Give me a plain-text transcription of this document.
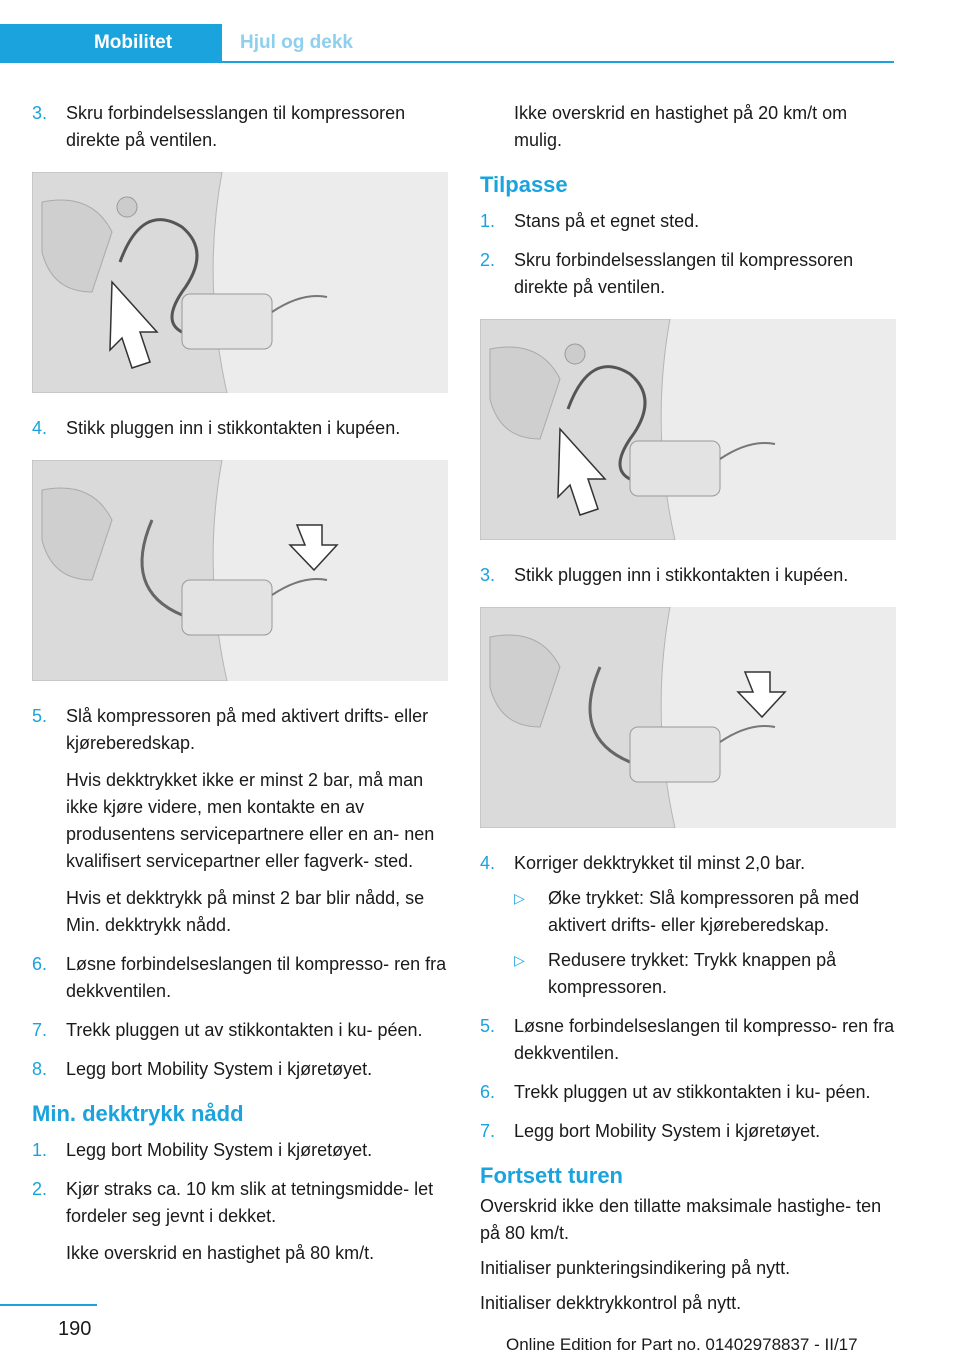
Mobilitet	Hjul og dekk
3. Skru forbindelsesslangen til kompressoren direkte på ventilen.

4. Stikk pluggen inn i stikkontakten i kupéen.

5. Slå kompressoren på med aktivert drifts- eller kjøreberedskap.

Hvis dekktrykket ikke er minst 2 bar, må man ikke kjøre videre, men kontakte en av produsentens servicepartnere eller en an- nen kvalifisert servicepartner eller fagverk- sted.

Hvis et dekktrykk på minst 2 bar blir nådd, se Min. dekktrykk nådd.

6. Løsne forbindelseslangen til kompresso- ren fra dekkventilen.

7. Trekk pluggen ut av stikkontakten i ku- péen.

8. Legg bort Mobility System i kjøretøyet.

Min. dekktrykk nådd
1. Legg bort Mobility System i kjøretøyet.

2. Kjør straks ca. 10 km slik at tetningsmidde- let fordeler seg jevnt i dekket.

Ikke overskrid en hastighet på 80 km/t.

Ikke overskrid en hastighet på 20 km/t om mulig.

Tilpasse
1. Stans på et egnet sted.

2. Skru forbindelsesslangen til kompressoren direkte på ventilen.

3. Stikk pluggen inn i stikkontakten i kupéen.

4. Korriger dekktrykket til minst 2,0 bar.

▷ Øke trykket: Slå kompressoren på med aktivert drifts- eller kjøreberedskap.
▷ Redusere trykket: Trykk knappen på kompressoren.
5. Løsne forbindelseslangen til kompresso- ren fra dekkventilen.

6. Trekk pluggen ut av stikkontakten i ku- péen.

7. Legg bort Mobility System i kjøretøyet.

Fortsett turen

Overskrid ikke den tillatte maksimale hastighe- ten på 80 km/t.

Initialiser punkteringsindikering på nytt.

Initialiser dekktrykkontrol på nytt.

190
Online Edition for Part no. 01402978837 - II/17
